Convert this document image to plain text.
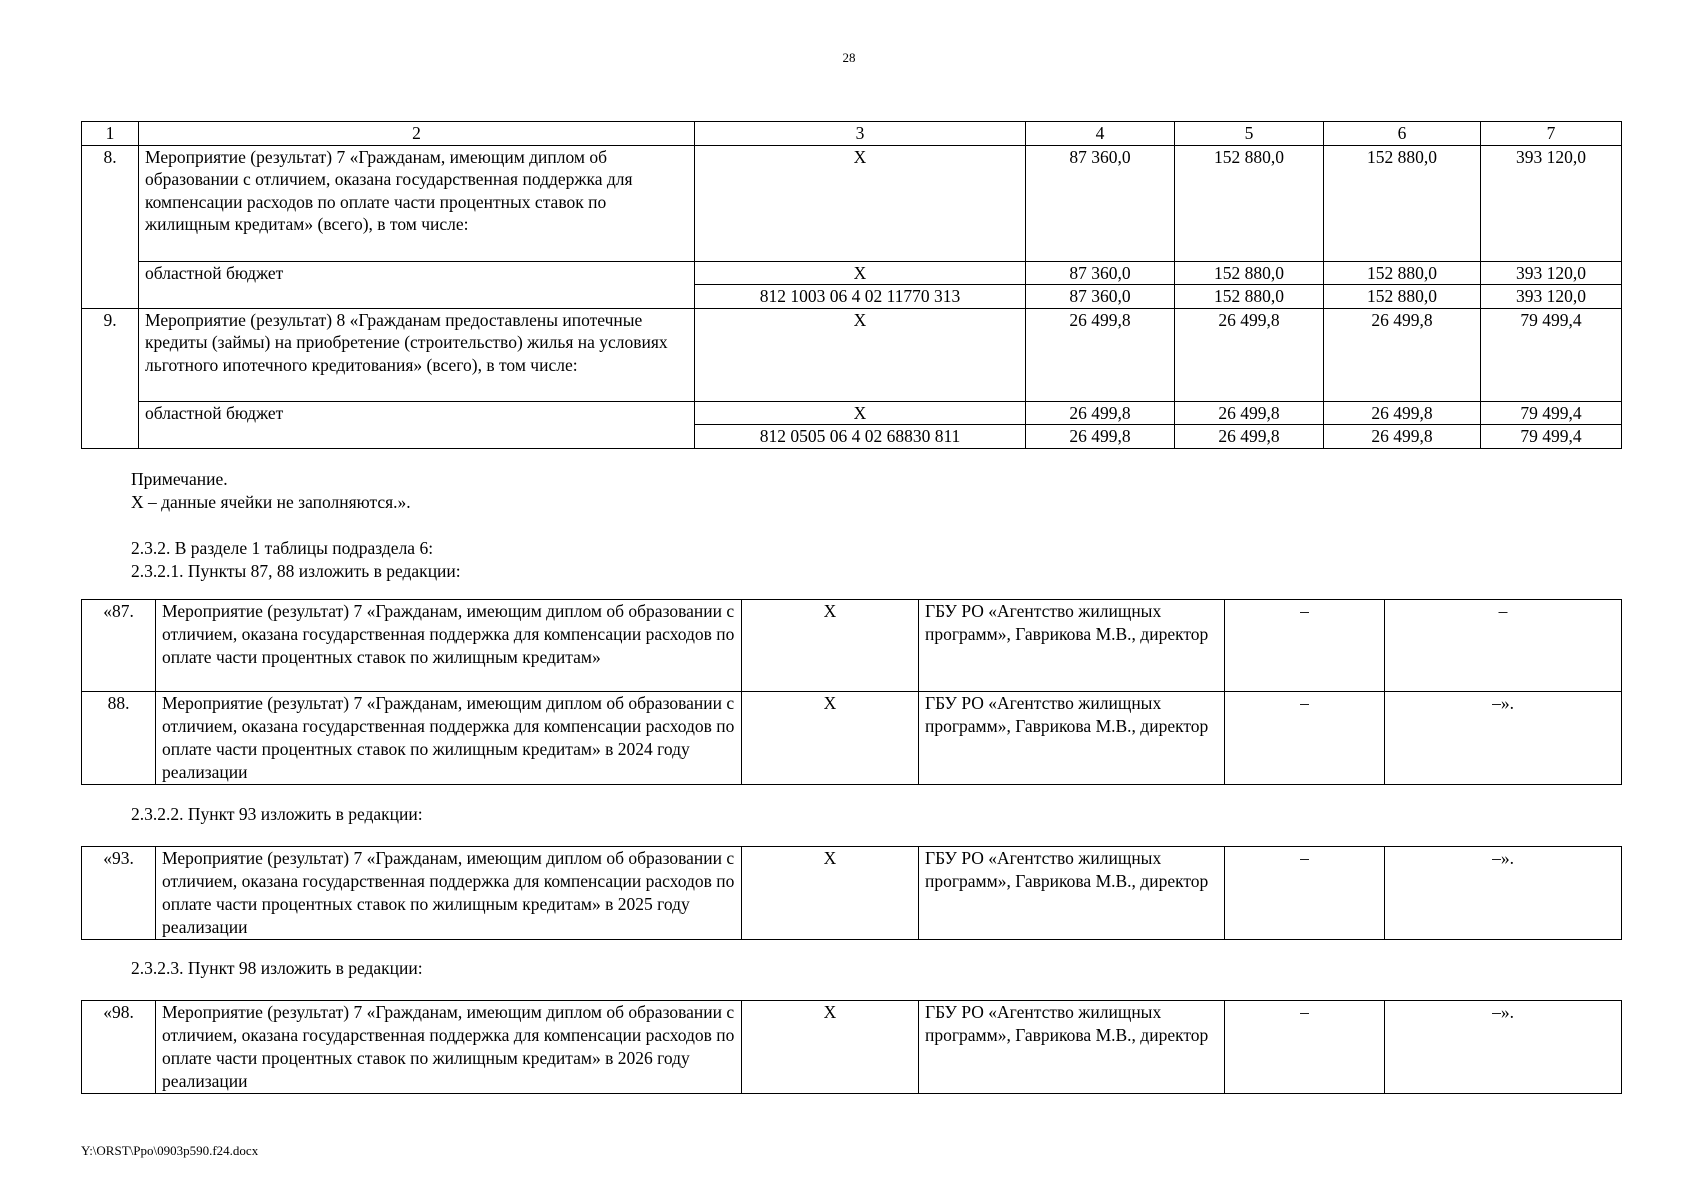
28
1	2	3	4	5	6	7
8.	Мероприятие (результат) 7 «Гражданам, имеющим диплом об образовании с отличием, оказана государственная поддержка для компенсации расходов по оплате части процентных ставок по жилищным кредитам» (всего), в том числе:	Х	87 360,0	152 880,0	152 880,0	393 120,0
	областной бюджет	Х	87 360,0	152 880,0	152 880,0	393 120,0
		812 1003 06 4 02 11770 313	87 360,0	152 880,0	152 880,0	393 120,0
9.	Мероприятие (результат) 8 «Гражданам предоставлены ипотечные кредиты (займы) на приобретение (строительство) жилья на условиях льготного ипотечного кредитования» (всего), в том числе:	Х	26 499,8	26 499,8	26 499,8	79 499,4
	областной бюджет	Х	26 499,8	26 499,8	26 499,8	79 499,4
		812 0505 06 4 02 68830 811	26 499,8	26 499,8	26 499,8	79 499,4
Примечание.
Х – данные ячейки не заполняются.».
2.3.2. В разделе 1 таблицы подраздела 6:
2.3.2.1. Пункты 87, 88 изложить в редакции:
«87.	Мероприятие (результат) 7 «Гражданам, имеющим диплом об образовании с отличием, оказана государственная поддержка для компенсации расходов по оплате части процентных ставок по жилищным кредитам»	Х	ГБУ РО «Агентство жилищных программ», Гаврикова М.В., директор	–	–
88.	Мероприятие (результат) 7 «Гражданам, имеющим диплом об образовании с отличием, оказана государственная поддержка для компенсации расходов по оплате части процентных ставок по жилищным кредитам» в 2024 году реализации	Х	ГБУ РО «Агентство жилищных программ», Гаврикова М.В., директор	–	–».
2.3.2.2. Пункт 93 изложить в редакции:
«93.	Мероприятие (результат) 7 «Гражданам, имеющим диплом об образовании с отличием, оказана государственная поддержка для компенсации расходов по оплате части процентных ставок по жилищным кредитам» в 2025 году реализации	Х	ГБУ РО «Агентство жилищных программ», Гаврикова М.В., директор	–	–».
2.3.2.3. Пункт 98 изложить в редакции:
«98.	Мероприятие (результат) 7 «Гражданам, имеющим диплом об образовании с отличием, оказана государственная поддержка для компенсации расходов по оплате части процентных ставок по жилищным кредитам» в 2026 году реализации	Х	ГБУ РО «Агентство жилищных программ», Гаврикова М.В., директор	–	–».
Y:\ORST\Ppo\0903p590.f24.docx
